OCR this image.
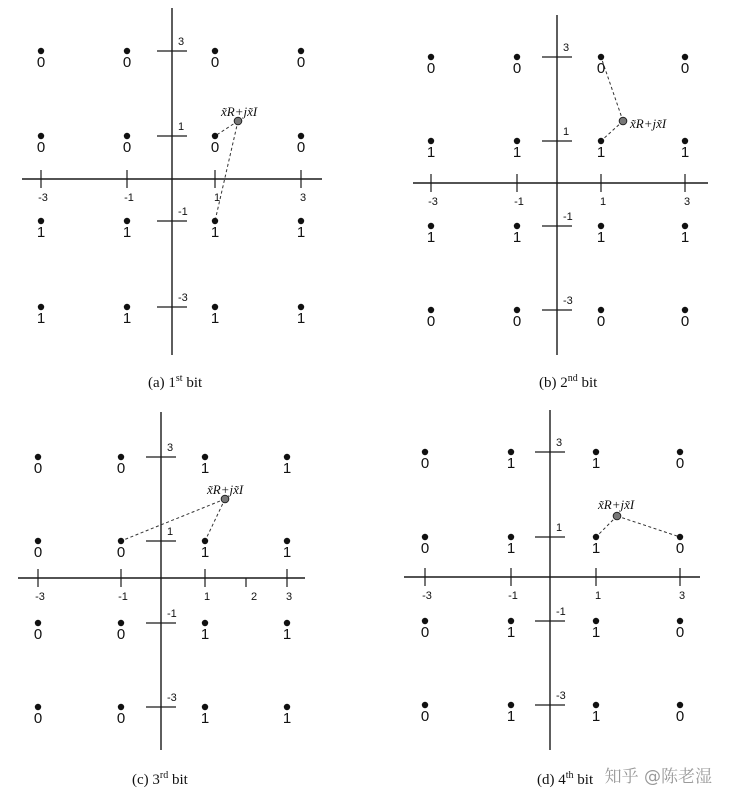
-3	-1	1	3
3
1
-1
-3
0	0	0	0
0	0	0	0
1	1	1	1
1	1	1	1
x̃R+jx̃I
(a) 1st bit
-3	-1	1	3
3
1
-1
-3
0	0	0	0
1	1	1	1
1	1	1	1
0	0	0	0
x̃R+jx̃I
(b) 2nd bit
-3	-1	1	3
2
3
1
-1
-3
0	0	1	1
0	0	1	1
0	0	1	1
0	0	1	1
x̃R+jx̃I
(c) 3rd bit
-3	-1	1	3
3
1
-1
-3
0	1	1	0
0	1	1	0
0	1	1	0
0	1	1	0
x̃R+jx̃I
(d) 4th bit 知乎 @陈老湿
